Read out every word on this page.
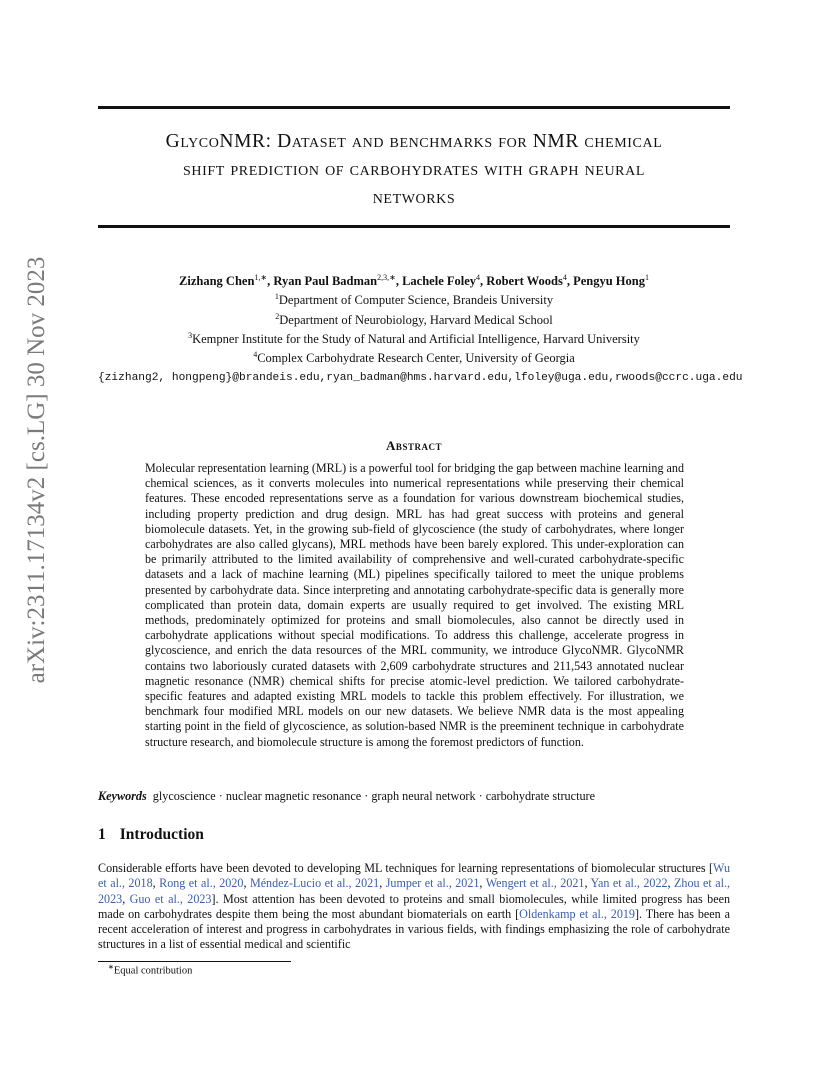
arXiv:2311.17134v2 [cs.LG] 30 Nov 2023
GlycoNMR: Dataset and benchmarks for NMR chemical
shift prediction of carbohydrates with graph neural
networks
Zizhang Chen$^{1,∗}$, Ryan Paul Badman$^{2,3,∗}$, Lachele Foley$^4$, Robert Woods$^4$, Pengyu Hong$^1$
$^1$Department of Computer Science, Brandeis University
$^2$Department of Neurobiology, Harvard Medical School
$^3$Kempner Institute for the Study of Natural and Artificial Intelligence, Harvard University
$^4$Complex Carbohydrate Research Center, University of Georgia
{zizhang2, hongpeng}@brandeis.edu,ryan_badman@hms.harvard.edu,lfoley@uga.edu,rwoods@ccrc.uga.edu
Abstract
Molecular representation learning (MRL) is a powerful tool for bridging the gap between machine learning and chemical sciences, as it converts molecules into numerical representations while preserving their chemical features. These encoded representations serve as a foundation for various downstream biochemical studies, including property prediction and drug design. MRL has had great success with proteins and general biomolecule datasets. Yet, in the growing sub-field of glycoscience (the study of carbohydrates, where longer carbohydrates are also called glycans), MRL methods have been barely explored. This under-exploration can be primarily attributed to the limited availability of comprehensive and well-curated carbohydrate-specific datasets and a lack of machine learning (ML) pipelines specifically tailored to meet the unique problems presented by carbohydrate data. Since interpreting and annotating carbohydrate-specific data is generally more complicated than protein data, domain experts are usually required to get involved. The existing MRL methods, predominately optimized for proteins and small biomolecules, also cannot be directly used in carbohydrate applications without special modifications. To address this challenge, accelerate progress in glycoscience, and enrich the data resources of the MRL community, we introduce GlycoNMR. GlycoNMR contains two laboriously curated datasets with 2,609 carbohydrate structures and 211,543 annotated nuclear magnetic resonance (NMR) chemical shifts for precise atomic-level prediction. We tailored carbohydrate-specific features and adapted existing MRL models to tackle this problem effectively. For illustration, we benchmark four modified MRL models on our new datasets. We believe NMR data is the most appealing starting point in the field of glycoscience, as solution-based NMR is the preeminent technique in carbohydrate structure research, and biomolecule structure is among the foremost predictors of function.
Keywords glycoscience · nuclear magnetic resonance · graph neural network · carbohydrate structure
1 Introduction
Considerable efforts have been devoted to developing ML techniques for learning representations of biomolecular structures [Wu et al., 2018, Rong et al., 2020, Méndez-Lucio et al., 2021, Jumper et al., 2021, Wengert et al., 2021, Yan et al., 2022, Zhou et al., 2023, Guo et al., 2023]. Most attention has been devoted to proteins and small biomolecules, while limited progress has been made on carbohydrates despite them being the most abundant biomaterials on earth [Oldenkamp et al., 2019]. There has been a recent acceleration of interest and progress in carbohydrates in various fields, with findings emphasizing the role of carbohydrate structures in a list of essential medical and scientific
∗Equal contribution
